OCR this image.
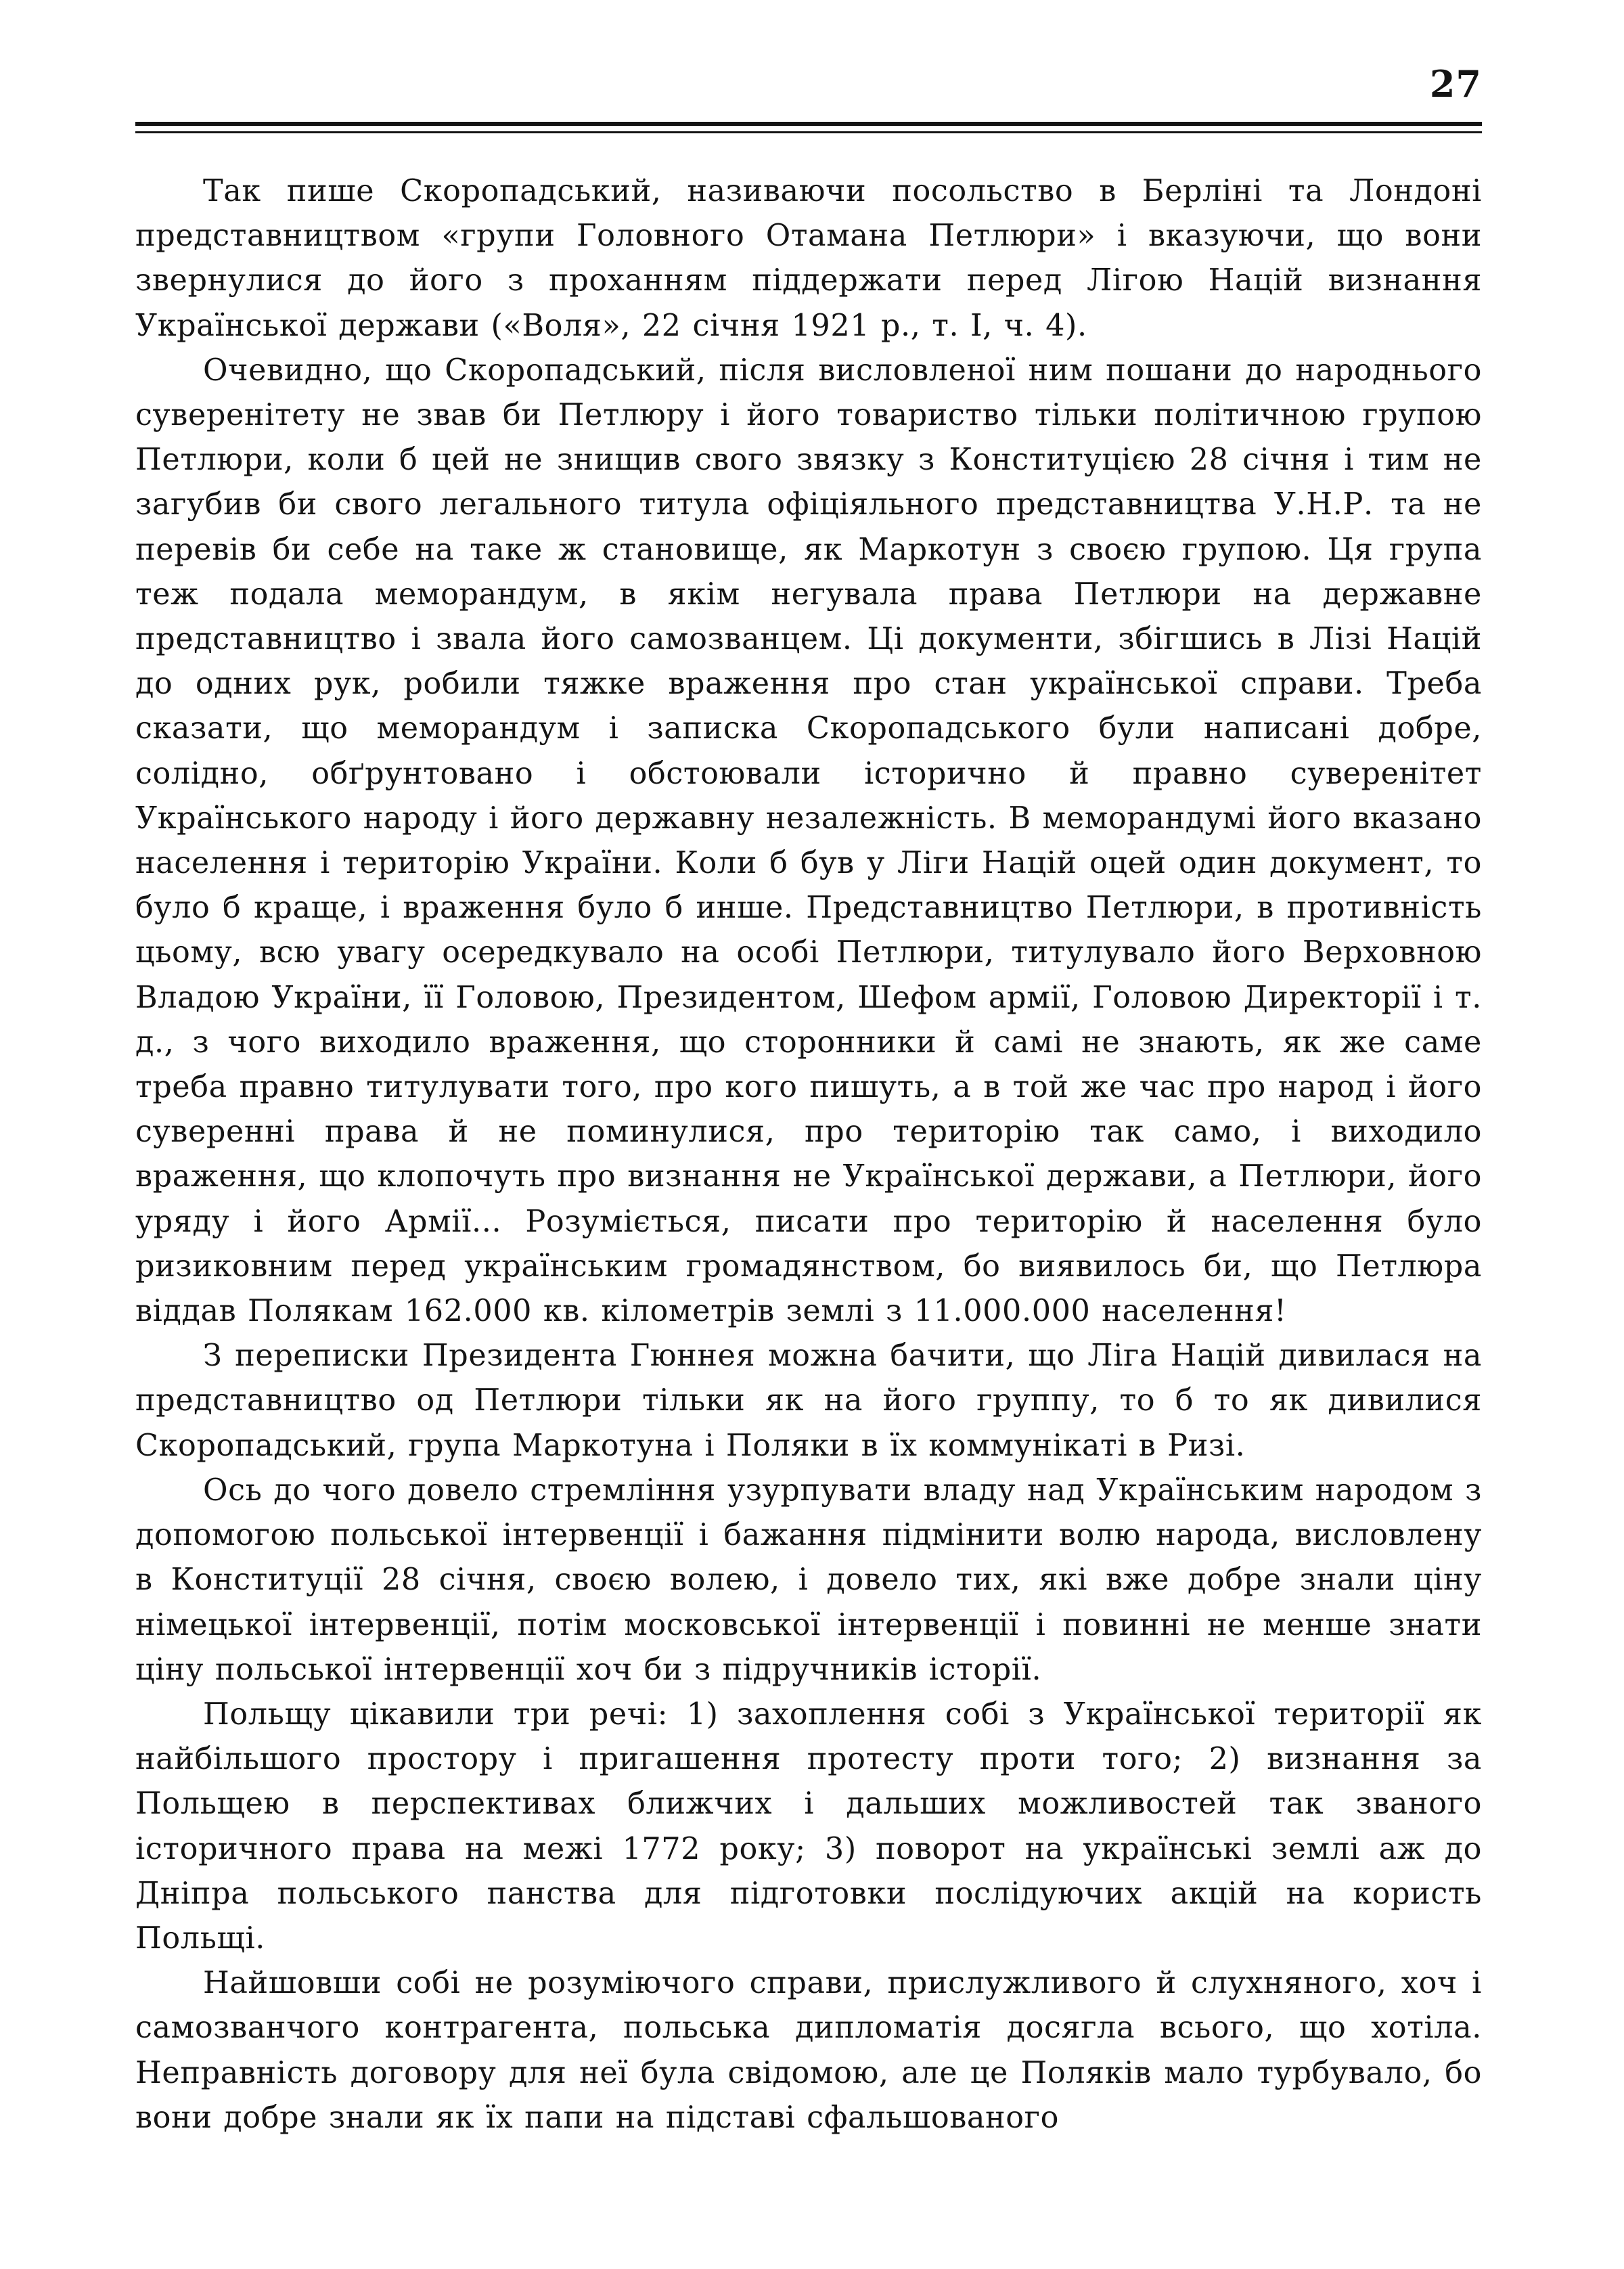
27

Так пише Скоропадський, називаючи посольство в Берліні та Лондоні представництвом «групи Головного Отамана Петлюри» і вказуючи, що вони звернулися до його з проханням піддержати перед Лігою Націй визнання Української держави («Воля», 22 січня 1921 р., т. I, ч. 4).

Очевидно, що Скоропадський, після висловленої ним пошани до народнього суверенітету не звав би Петлюру і його товариство тільки політичною групою Петлюри, коли б цей не знищив свого звязку з Конституцією 28 січня і тим не загубив би свого легального титула офіціяльного представництва У.Н.Р. та не перевів би себе на таке ж становище, як Маркотун з своєю групою. Ця група теж подала меморандум, в якім негувала права Петлюри на державне представництво і звала його самозванцем. Ці документи, збігшись в Лізі Націй до одних рук, робили тяжке враження про стан української справи. Треба сказати, що меморандум і записка Скоропадського були написані добре, солідно, обґрунтовано і обстоювали історично й правно суверенітет Українського народу і його державну незалежність. В меморандумі його вказано населення і територію України. Коли б був у Ліги Націй оцей один документ, то було б краще, і враження було б инше. Представництво Петлюри, в противність цьому, всю увагу осередкувало на особі Петлюри, титулувало його Верховною Владою України, її Головою, Президентом, Шефом армії, Головою Директорії і т. д., з чого виходило враження, що сторонники й самі не знають, як же саме треба правно титулувати того, про кого пишуть, а в той же час про народ і його суверенні права й не поминулися, про територію так само, і виходило враження, що клопочуть про визнання не Української держави, а Петлюри, його уряду і його Армії... Розуміється, писати про територію й населення було ризиковним перед українським громадянством, бо виявилось би, що Петлюра віддав Полякам 162.000 кв. кілометрів землі з 11.000.000 населення!

З переписки Президента Гюннея можна бачити, що Ліга Націй дивилася на представництво од Петлюри тільки як на його группу, то б то як дивилися Скоропадський, група Маркотуна і Поляки в їх коммунікаті в Ризі.

Ось до чого довело стремління узурпувати владу над Українським народом з допомогою польської інтервенції і бажання підмінити волю народа, висловлену в Конституції 28 січня, своєю волею, і довело тих, які вже добре знали ціну німецької інтервенції, потім московської інтервенції і повинні не менше знати ціну польської інтервенції хоч би з підручників історії.

Польщу цікавили три речі: 1) захоплення собі з Української території як найбільшого простору і пригашення протесту проти того; 2) визнання за Польщею в перспективах ближчих і дальших можливостей так званого історичного права на межі 1772 року; 3) поворот на українські землі аж до Дніпра польського панства для підготовки послідуючих акцій на користь Польщі.

Найшовши собі не розуміючого справи, прислужливого й слухняного, хоч і самозванчого контрагента, польська дипломатія досягла всього, що хотіла. Неправність договору для неї була свідомою, але це Поляків мало турбувало, бо вони добре знали як їх папи на підставі сфальшованого
